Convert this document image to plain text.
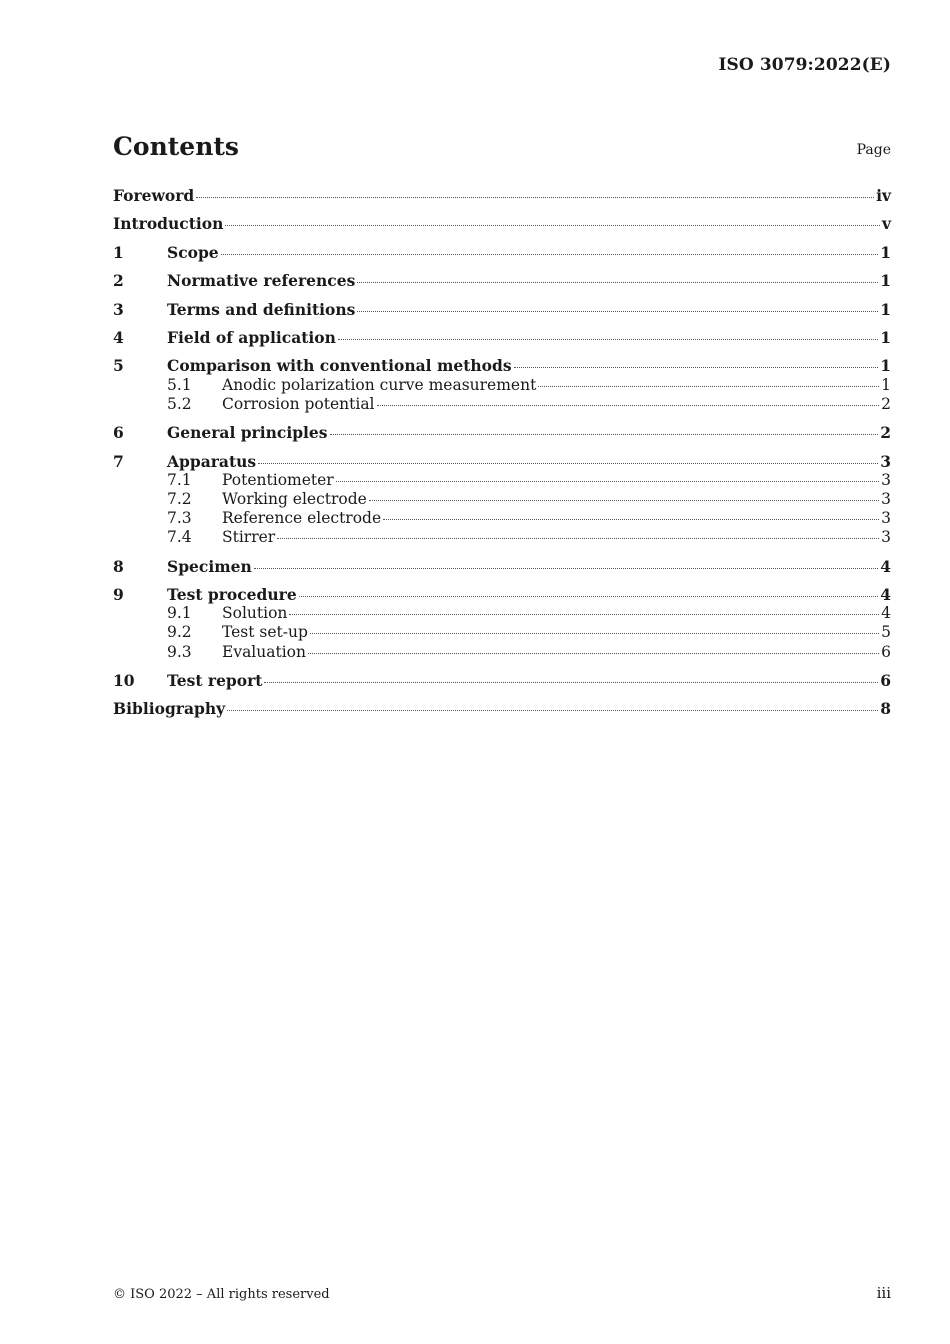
ISO 3079:2022(E)
Contents	Page
Foreword	iv
Introduction	v
1	Scope	1
2	Normative references	1
3	Terms and definitions	1
4	Field of application	1
5	Comparison with conventional methods	1
5.1	Anodic polarization curve measurement	1
5.2	Corrosion potential	2
6	General principles	2
7	Apparatus	3
7.1	Potentiometer	3
7.2	Working electrode	3
7.3	Reference electrode	3
7.4	Stirrer	3
8	Specimen	4
9	Test procedure	4
9.1	Solution	4
9.2	Test set-up	5
9.3	Evaluation	6
10	Test report	6
Bibliography	8
© ISO 2022 – All rights reserved	iii
